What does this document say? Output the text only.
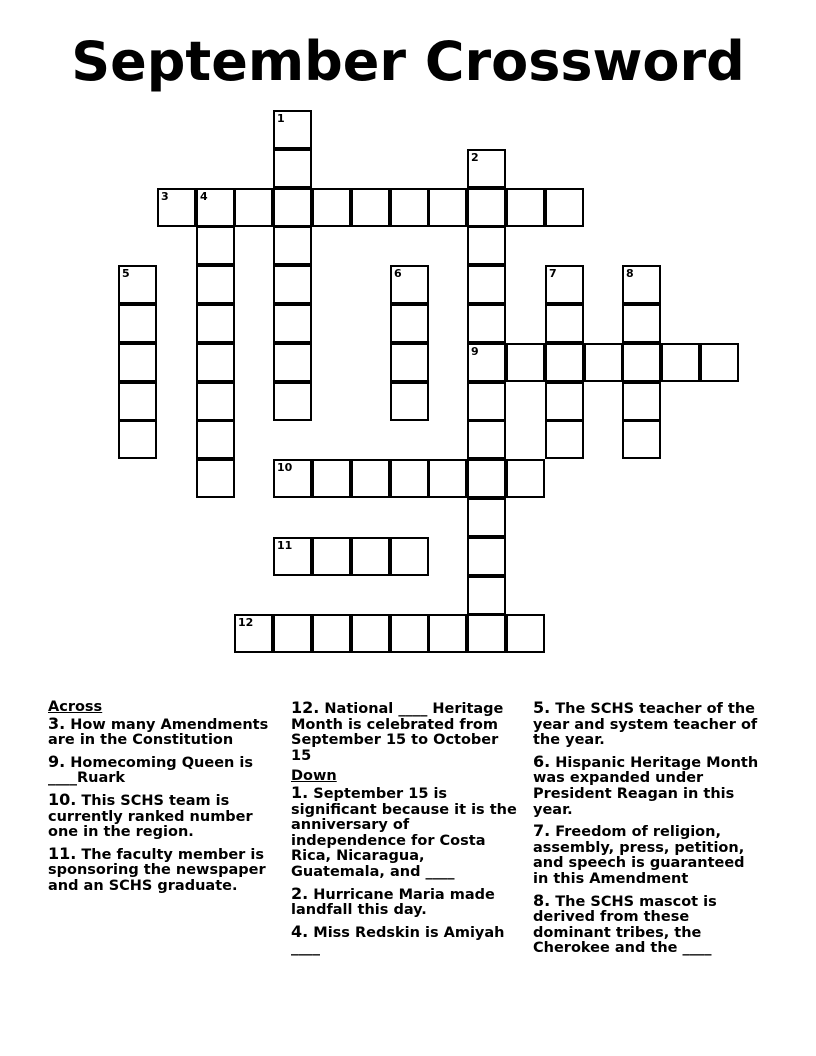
September Crossword
1
2
9
3	4
5	6	7	8
10
11
12

Across

3. How many Amendments are in the Constitution

9. Homecoming Queen is ____Ruark

10. This SCHS team is currently ranked number one in the region.

11. The faculty member is sponsoring the newspaper and an SCHS graduate.

12. National ____ Heritage Month is celebrated from September 15 to October 15

Down

1. September 15 is significant because it is the anniversary of independence for Costa Rica, Nicaragua, Guatemala, and ____

2. Hurricane Maria made landfall this day.

4. Miss Redskin is Amiyah ____

5. The SCHS teacher of the year and system teacher of the year.

6. Hispanic Heritage Month was expanded under President Reagan in this year.

7. Freedom of religion, assembly, press, petition, and speech is guaranteed in this Amendment

8. The SCHS mascot is derived from these dominant tribes, the Cherokee and the ____
